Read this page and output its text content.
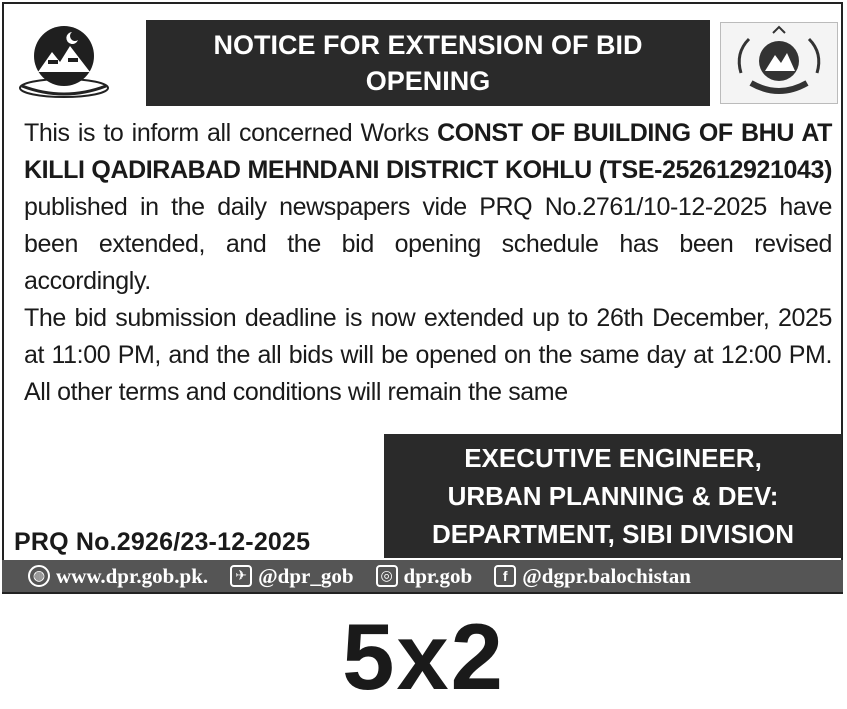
NOTICE FOR EXTENSION OF BID OPENING

This is to inform all concerned Works CONST OF BUILDING OF BHU AT KILLI QADIRABAD MEHNDANI DISTRICT KOHLU (TSE-252612921043) published in the daily newspapers vide PRQ No.2761/10-12-2025 have been extended, and the bid opening schedule has been revised accordingly.

The bid submission deadline is now extended up to 26th December, 2025 at 11:00 PM, and the all bids will be opened on the same day at 12:00 PM. All other terms and conditions will remain the same

PRQ No.2926/23-12-2025
EXECUTIVE ENGINEER,
URBAN PLANNING & DEV:
DEPARTMENT, SIBI DIVISION
◍ www.dpr.gob.pk.	✈ @dpr_gob	◎ dpr.gob	f @dgpr.balochistan
5x2
